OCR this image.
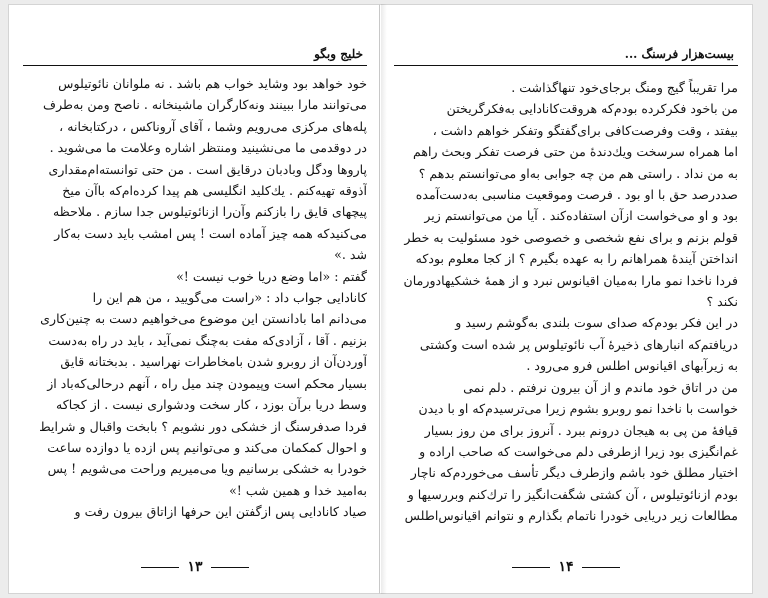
خلیج وبگو
خود خواهد بود وشاید خواب هم باشد . نه ملوانان نائوتیلوس
می‌توانند مارا ببینند ونه‌کارگران ماشینخانه . ناصح ومن بەطرف
پله‌های مرکزی می‌رویم وشما ، آقای آروناکس ، درکتابخانه ،
در دوقدمی ما می‌نشینید ومنتظر اشاره وعلامت ما می‌شوید .
پاروها ودگل وبادبان درقایق است . من حتی توانسته‌ام‌مقداری
آذوقه تهیه‌کنم . یك‌کلید انگلیسی هم پیدا کرده‌ام‌که باآن میخ‌
پیچهای قایق را بازکنم وآن‌را ازنائوتیلوس جدا سازم . ملاحظه
می‌کنیدکه همه چیز آماده است ! پس امشب باید دست به‌کار
شد .»
گفتم : «اما وضع دریا خوب نیست !»
کانادایی جواب داد : «راست می‌گویید ، من هم این را
می‌دانم اما بادانستن این موضوع می‌خواهیم دست به چنین‌کاری
بزنیم . آقا ، آزادی‌که مفت به‌چنگ نمی‌آید ، باید در راه به‌دست
آوردن‌آن از روبرو شدن بامخاطرات نهراسید . بدبختانه قایق
بسیار محکم است وپیمودن چند میل راه ، آنهم درحالی‌که‌باد از
وسط دریا برآن بوزد ، کار سخت ودشواری نیست . از کجاکه
فردا صدفرسنگ از خشکی دور نشویم ؟ بابخت واقبال و شرایط
و احوال کمکمان می‌کند و می‌توانیم پس ازده یا دوازده ساعت
خودرا به خشکی برسانیم ویا می‌میریم وراحت می‌شویم ! پس
به‌امید خدا و همین شب !»
صیاد کانادایی پس ازگفتن این حرفها ازاتاق بیرون رفت و
۱۳
بیست‌هزار فرسنگ ...
مرا تقریباً گیج ومنگ برجای‌خود تنهاگذاشت .
من باخود فکرکرده بودم‌که هروقت‌کانادایی به‌فکرگریختن
بیفتد ، وقت وفرصت‌کافی برای‌گفتگو وتفکر خواهم داشت ،
اما همراه سرسخت ویك‌دندهٔ من حتی فرصت تفکر وبحث راهم
به من نداد . راستی هم من چه جوابی به‌او می‌توانستم بدهم ؟
صددرصد حق با او بود . فرصت وموقعیت مناسبی به‌دست‌آمده
بود و او می‌خواست ازآن استفاده‌کند . آیا من می‌توانستم زیر
قولم بزنم و برای نفع شخصی و خصوصی خود مسئولیت به خطر
انداختن آیندهٔ همراهانم را به عهده بگیرم ؟ از کجا معلوم بودکه
فردا ناخدا نمو مارا بەمیان اقیانوس نبرد و از همهٔ خشکیها‌دورمان
نکند ؟
در این فکر بودم‌که صدای سوت بلندی به‌گوشم رسید و
دریافتم‌که انبارهای ذخیرهٔ آب نائوتیلوس پر شده است وکشتی
به زیرآبهای اقیانوس اطلس فرو می‌رود .
من در اتاق خود ماندم و از آن بیرون نرفتم . دلم نمی‌
خواست با ناخدا نمو روبرو بشوم زیرا می‌ترسیدم‌که او با دیدن
قیافهٔ من پی به هیجان درونم ببرد . آنروز برای من روز بسیار
غم‌انگیزی بود زیرا ازطرفی دلم می‌خواست که صاحب اراده و
اختیار مطلق خود باشم وازطرف دیگر تأسف می‌خوردم‌که ناچار
بودم ازنائوتیلوس ، آن کشتی شگفت‌انگیز را ترك‌کنم وبررسیها و
مطالعات زیر دریایی خودرا ناتمام بگذارم و نتوانم اقیانوس‌اطلس
۱۴
